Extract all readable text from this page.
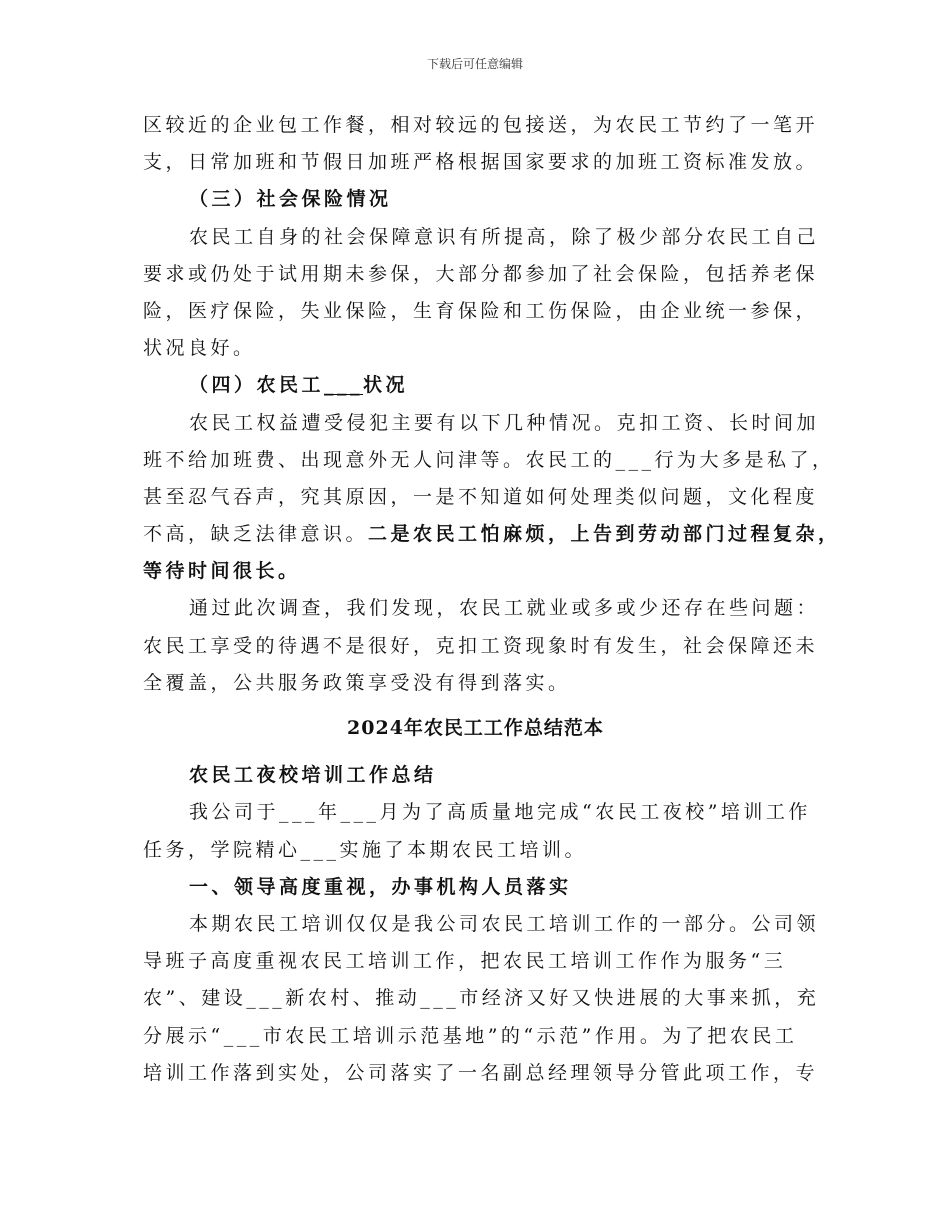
下载后可任意编辑
区较近的企业包工作餐，相对较远的包接送，为农民工节约了一笔开
支，日常加班和节假日加班严格根据国家要求的加班工资标准发放。
（三）社会保险情况
农民工自身的社会保障意识有所提高，除了极少部分农民工自己
要求或仍处于试用期未参保，大部分都参加了社会保险，包括养老保
险，医疗保险，失业保险，生育保险和工伤保险，由企业统一参保，
状况良好。
（四）农民工___状况
农民工权益遭受侵犯主要有以下几种情况。克扣工资、长时间加
班不给加班费、出现意外无人问津等。农民工的___行为大多是私了，
甚至忍气吞声，究其原因，一是不知道如何处理类似问题，文化程度
不高，缺乏法律意识。二是农民工怕麻烦，上告到劳动部门过程复杂，
等待时间很长。
通过此次调查，我们发现，农民工就业或多或少还存在些问题：
农民工享受的待遇不是很好，克扣工资现象时有发生，社会保障还未
全覆盖，公共服务政策享受没有得到落实。
2024年农民工工作总结范本
农民工夜校培训工作总结
我公司于___年___月为了高质量地完成“农民工夜校”培训工作
任务，学院精心___实施了本期农民工培训。
一、领导高度重视，办事机构人员落实
本期农民工培训仅仅是我公司农民工培训工作的一部分。公司领
导班子高度重视农民工培训工作，把农民工培训工作作为服务“三
农”、建设___新农村、推动___市经济又好又快进展的大事来抓，充
分展示“___市农民工培训示范基地”的“示范”作用。为了把农民工
培训工作落到实处，公司落实了一名副总经理领导分管此项工作，专
